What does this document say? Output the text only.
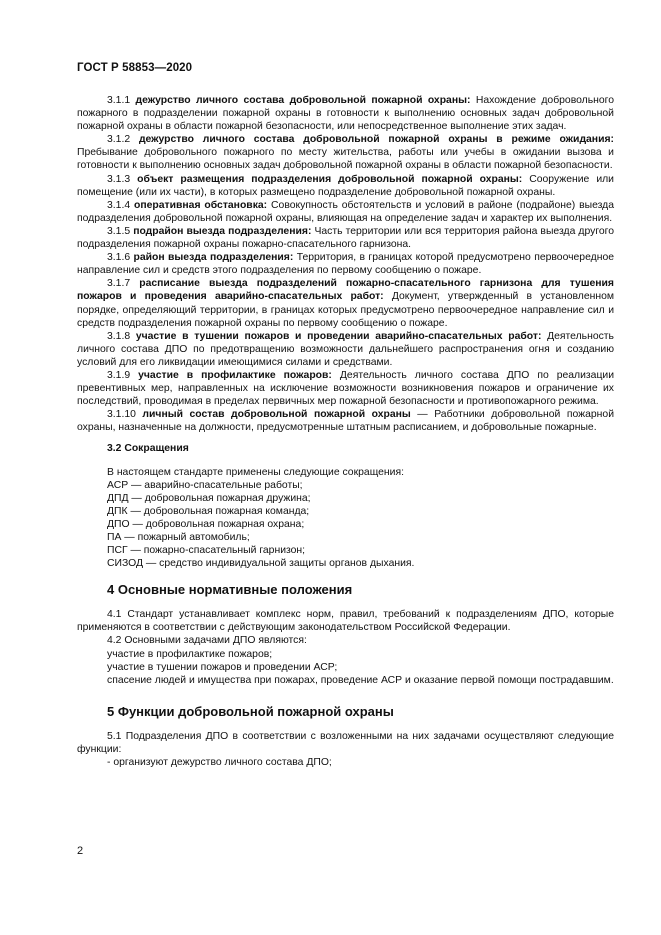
ГОСТ Р 58853—2020

3.1.1 дежурство личного состава добровольной пожарной охраны: Нахождение добровольного пожарного в подразделении пожарной охраны в готовности к выполнению основных задач добровольной пожарной охраны в области пожарной безопасности, или непосредственное выполнение этих задач.

3.1.2 дежурство личного состава добровольной пожарной охраны в режиме ожидания: Пребывание добровольного пожарного по месту жительства, работы или учебы в ожидании вызова и готовности к выполнению основных задач добровольной пожарной охраны в области пожарной безопасности.

3.1.3 объект размещения подразделения добровольной пожарной охраны: Сооружение или помещение (или их части), в которых размещено подразделение добровольной пожарной охраны.

3.1.4 оперативная обстановка: Совокупность обстоятельств и условий в районе (подрайоне) выезда подразделения добровольной пожарной охраны, влияющая на определение задач и характер их выполнения.

3.1.5 подрайон выезда подразделения: Часть территории или вся территория района выезда другого подразделения пожарной охраны пожарно-спасательного гарнизона.

3.1.6 район выезда подразделения: Территория, в границах которой предусмотрено первоочередное направление сил и средств этого подразделения по первому сообщению о пожаре.

3.1.7 расписание выезда подразделений пожарно-спасательного гарнизона для тушения пожаров и проведения аварийно-спасательных работ: Документ, утвержденный в установленном порядке, определяющий территории, в границах которых предусмотрено первоочередное направление сил и средств подразделения пожарной охраны по первому сообщению о пожаре.

3.1.8 участие в тушении пожаров и проведении аварийно-спасательных работ: Деятельность личного состава ДПО по предотвращению возможности дальнейшего распространения огня и созданию условий для его ликвидации имеющимися силами и средствами.

3.1.9 участие в профилактике пожаров: Деятельность личного состава ДПО по реализации превентивных мер, направленных на исключение возможности возникновения пожаров и ограничение их последствий, проводимая в пределах первичных мер пожарной безопасности и противопожарного режима.

3.1.10 личный состав добровольной пожарной охраны — Работники добровольной пожарной охраны, назначенные на должности, предусмотренные штатным расписанием, и добровольные пожарные.

3.2 Сокращения

В настоящем стандарте применены следующие сокращения:

АСР — аварийно-спасательные работы;
ДПД — добровольная пожарная дружина;
ДПК — добровольная пожарная команда;
ДПО — добровольная пожарная охрана;
ПА — пожарный автомобиль;
ПСГ — пожарно-спасательный гарнизон;
СИЗОД — средство индивидуальной защиты органов дыхания.
4 Основные нормативные положения

4.1 Стандарт устанавливает комплекс норм, правил, требований к подразделениям ДПО, которые применяются в соответствии с действующим законодательством Российской Федерации.

4.2 Основными задачами ДПО являются:

участие в профилактике пожаров;
участие в тушении пожаров и проведении АСР;

спасение людей и имущества при пожарах, проведение АСР и оказание первой помощи пострадавшим.

5 Функции добровольной пожарной охраны

5.1 Подразделения ДПО в соответствии с возложенными на них задачами осуществляют следующие функции:

- организуют дежурство личного состава ДПО;

2
